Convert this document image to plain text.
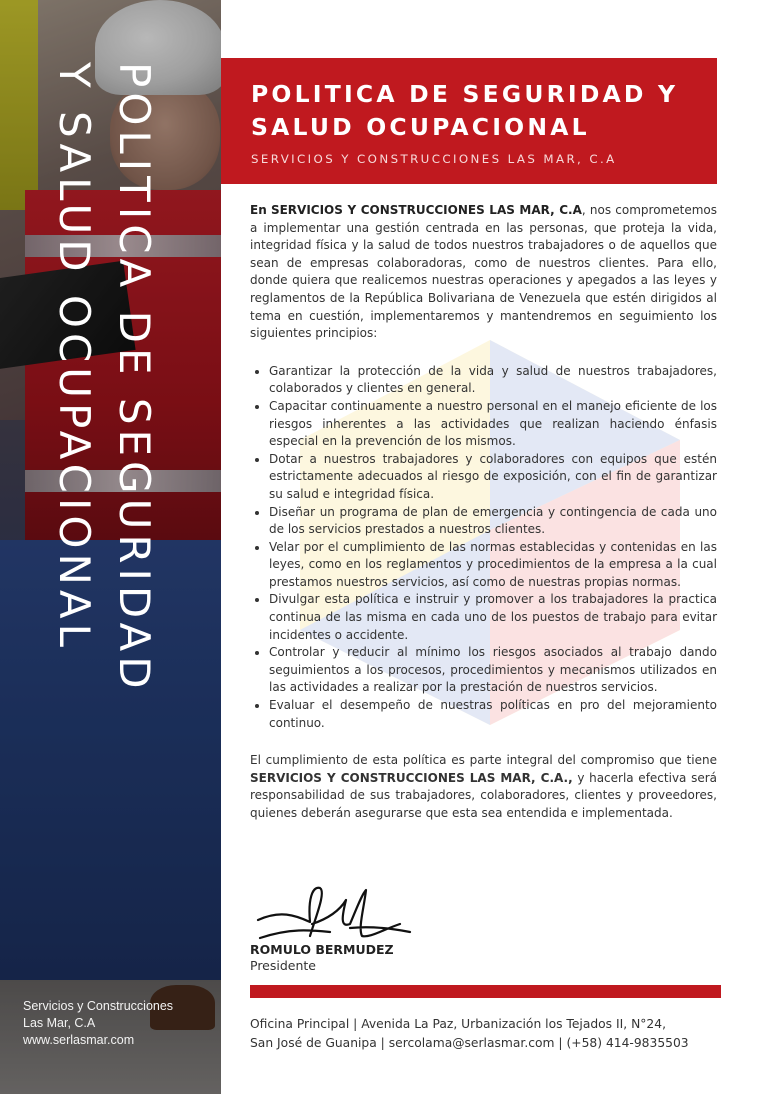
POLITICA DE SEGURIDAD
Y SALUD OCUPACIONAL
Servicios y Construcciones
Las Mar, C.A
www.serlasmar.com
POLITICA DE SEGURIDAD Y
SALUD OCUPACIONAL
SERVICIOS Y CONSTRUCCIONES LAS MAR, C.A

En SERVICIOS Y CONSTRUCCIONES LAS MAR, C.A, nos comprometemos a implementar una gestión centrada en las personas, que proteja la vida, integridad física y la salud de todos nuestros trabajadores o de aquellos que sean de empresas colaboradoras, como de nuestros clientes. Para ello, donde quiera que realicemos nuestras operaciones y apegados a las leyes y reglamentos de la República Bolivariana de Venezuela que estén dirigidos al tema en cuestión, implementaremos y mantendremos en seguimiento los siguientes principios:

• Garantizar la protección de la vida y salud de nuestros trabajadores, colaborados y clientes en general.
• Capacitar continuamente a nuestro personal en el manejo eficiente de los riesgos inherentes a las actividades que realizan haciendo énfasis especial en la prevención de los mismos.
• Dotar a nuestros trabajadores y colaboradores con equipos que estén estrictamente adecuados al riesgo de exposición, con el fin de garantizar su salud e integridad física.
• Diseñar un programa de plan de emergencia y contingencia de cada uno de los servicios prestados a nuestros clientes.
• Velar por el cumplimiento de las normas establecidas y contenidas en las leyes, como en los reglamentos y procedimientos de la empresa a la cual prestamos nuestros servicios, así como de nuestras propias normas.
• Divulgar esta política e instruir y promover a los trabajadores la practica continua de las misma en cada uno de los puestos de trabajo para evitar incidentes o accidente.
• Controlar y reducir al mínimo los riesgos asociados al trabajo dando seguimientos a los procesos, procedimientos y mecanismos utilizados en las actividades a realizar por la prestación de nuestros servicios.
• Evaluar el desempeño de nuestras políticas en pro del mejoramiento continuo.

El cumplimiento de esta política es parte integral del compromiso que tiene SERVICIOS Y CONSTRUCCIONES LAS MAR, C.A., y hacerla efectiva será responsabilidad de sus trabajadores, colaboradores, clientes y proveedores, quienes deberán asegurarse que esta sea entendida e implementada.

ROMULO BERMUDEZ
Presidente
Oficina Principal | Avenida La Paz, Urbanización los Tejados II, N°24,
San José de Guanipa | sercolama@serlasmar.com | (+58) 414-9835503
